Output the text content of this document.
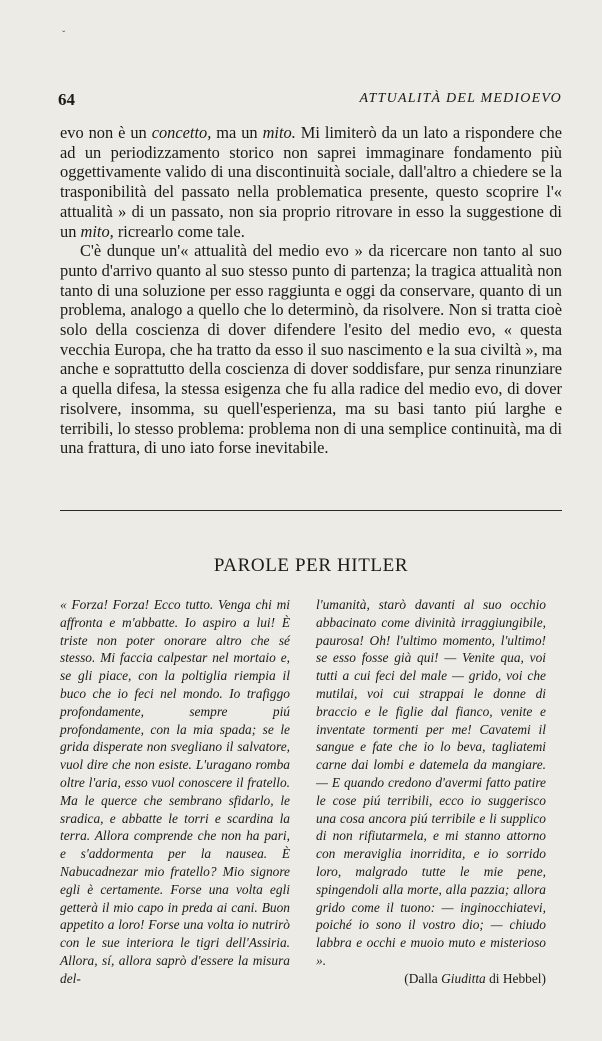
ˇ
64	ATTUALITÀ DEL MEDIOEVO

evo non è un concetto, ma un mito. Mi limiterò da un lato a rispondere che ad un periodizzamento storico non saprei immaginare fondamento più oggettivamente valido di una discontinuità sociale, dall'altro a chiedere se la trasponibilità del passato nella problematica presente, questo scoprire l'« attualità » di un passato, non sia proprio ritrovare in esso la suggestione di un mito, ricrearlo come tale.

C'è dunque un'« attualità del medio evo » da ricercare non tanto al suo punto d'arrivo quanto al suo stesso punto di partenza; la tragica attualità non tanto di una soluzione per esso raggiunta e oggi da conservare, quanto di un problema, analogo a quello che lo determinò, da risolvere. Non si tratta cioè solo della coscienza di dover difendere l'esito del medio evo, « questa vecchia Europa, che ha tratto da esso il suo nascimento e la sua civiltà », ma anche e soprattutto della coscienza di dover soddisfare, pur senza rinunziare a quella difesa, la stessa esigenza che fu alla radice del medio evo, di dover risolvere, insomma, su quell'esperienza, ma su basi tanto piú larghe e terribili, lo stesso problema: problema non di una semplice continuità, ma di una frattura, di uno iato forse inevitabile.

PAROLE PER HITLER
« Forza! Forza! Ecco tutto. Venga chi mi affronta e m'abbatte. Io aspiro a lui! È triste non poter onorare altro che sé stesso. Mi faccia calpestar nel mortaio e, se gli piace, con la poltiglia riempia il buco che io feci nel mondo. Io trafiggo profondamente, sempre piú profondamente, con la mia spada; se le grida disperate non svegliano il salvatore, vuol dire che non esiste. L'uragano romba oltre l'aria, esso vuol conoscere il fratello. Ma le querce che sembrano sfidarlo, le sradica, e abbatte le torri e scardina la terra. Allora comprende che non ha pari, e s'addormenta per la nausea. È Nabucadnezar mio fratello? Mio signore egli è certamente. Forse una volta egli getterà il mio capo in preda ai cani. Buon appetito a loro! Forse una volta io nutrirò con le sue interiora le tigri dell'Assiria. Allora, sí, allora saprò d'essere la misura del-
l'umanità, starò davanti al suo occhio abbacinato come divinità irraggiungibile, paurosa! Oh! l'ultimo momento, l'ultimo! se esso fosse già qui! — Venite qua, voi tutti a cui feci del male — grido, voi che mutilai, voi cui strappai le donne di braccio e le figlie dal fianco, venite e inventate tormenti per me! Cavatemi il sangue e fate che io lo beva, tagliatemi carne dai lombi e datemela da mangiare. — E quando credono d'avermi fatto patire le cose piú terribili, ecco io suggerisco una cosa ancora piú terribile e li supplico di non rifiutarmela, e mi stanno attorno con meraviglia inorridita, e io sorrido loro, malgrado tutte le mie pene, spingendoli alla morte, alla pazzia; allora grido come il tuono: — inginocchiatevi, poiché io sono il vostro dio; — chiudo labbra e occhi e muoio muto e misterioso ».
(Dalla Giuditta di Hebbel)
